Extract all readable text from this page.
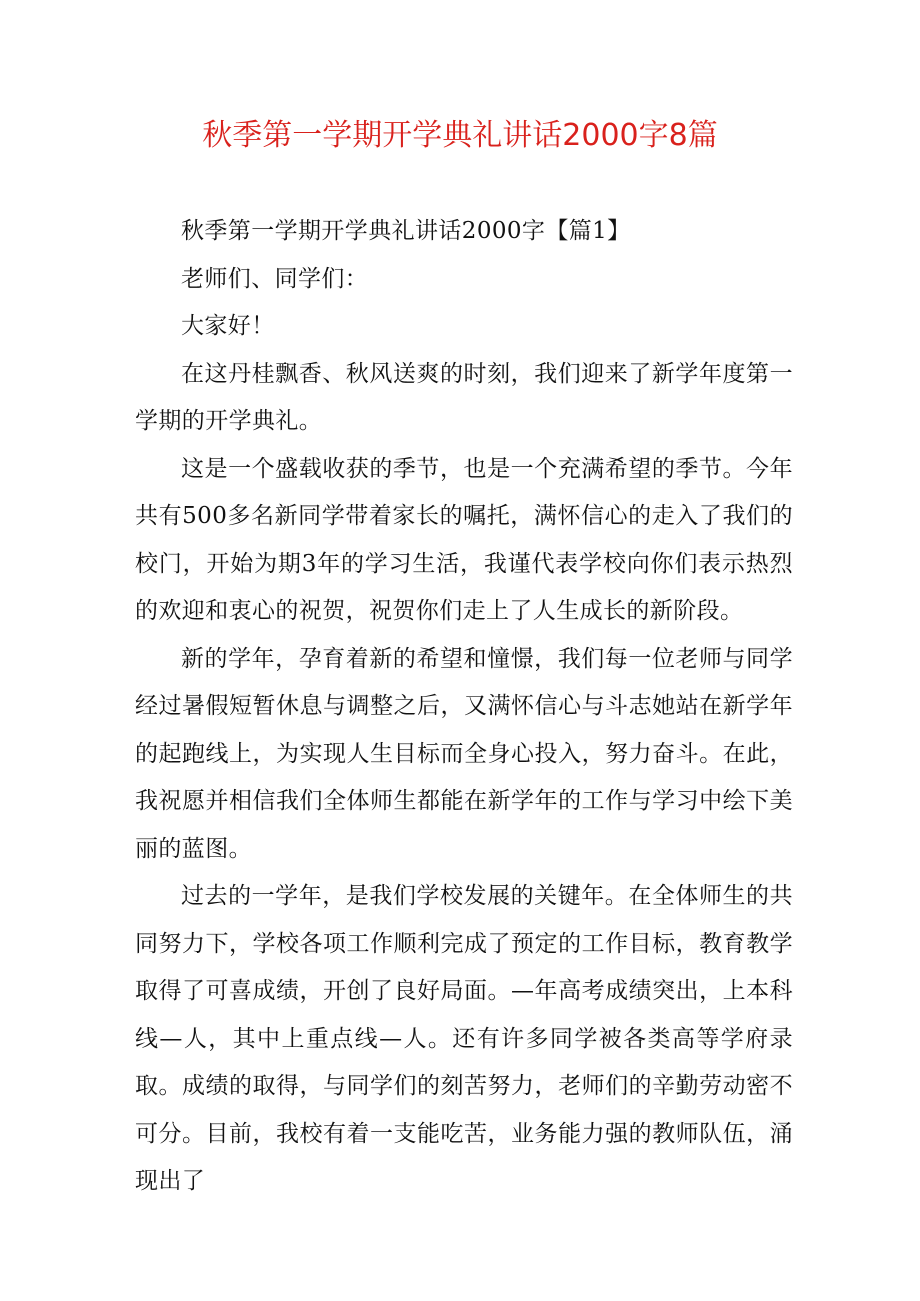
秋季第一学期开学典礼讲话2000字8篇

秋季第一学期开学典礼讲话2000字【篇1】

老师们、同学们：

大家好！

在这丹桂飘香、秋风送爽的时刻，我们迎来了新学年度第一学期的开学典礼。

这是一个盛载收获的季节，也是一个充满希望的季节。今年共有500多名新同学带着家长的嘱托，满怀信心的走入了我们的校门，开始为期3年的学习生活，我谨代表学校向你们表示热烈的欢迎和衷心的祝贺，祝贺你们走上了人生成长的新阶段。

新的学年，孕育着新的希望和憧憬，我们每一位老师与同学经过暑假短暂休息与调整之后，又满怀信心与斗志她站在新学年的起跑线上，为实现人生目标而全身心投入，努力奋斗。在此，我祝愿并相信我们全体师生都能在新学年的工作与学习中绘下美丽的蓝图。

过去的一学年，是我们学校发展的关键年。在全体师生的共同努力下，学校各项工作顺利完成了预定的工作目标，教育教学取得了可喜成绩，开创了良好局面。—年高考成绩突出，上本科线—人，其中上重点线—人。还有许多同学被各类高等学府录取。成绩的取得，与同学们的刻苦努力，老师们的辛勤劳动密不可分。目前，我校有着一支能吃苦，业务能力强的教师队伍，涌现出了
